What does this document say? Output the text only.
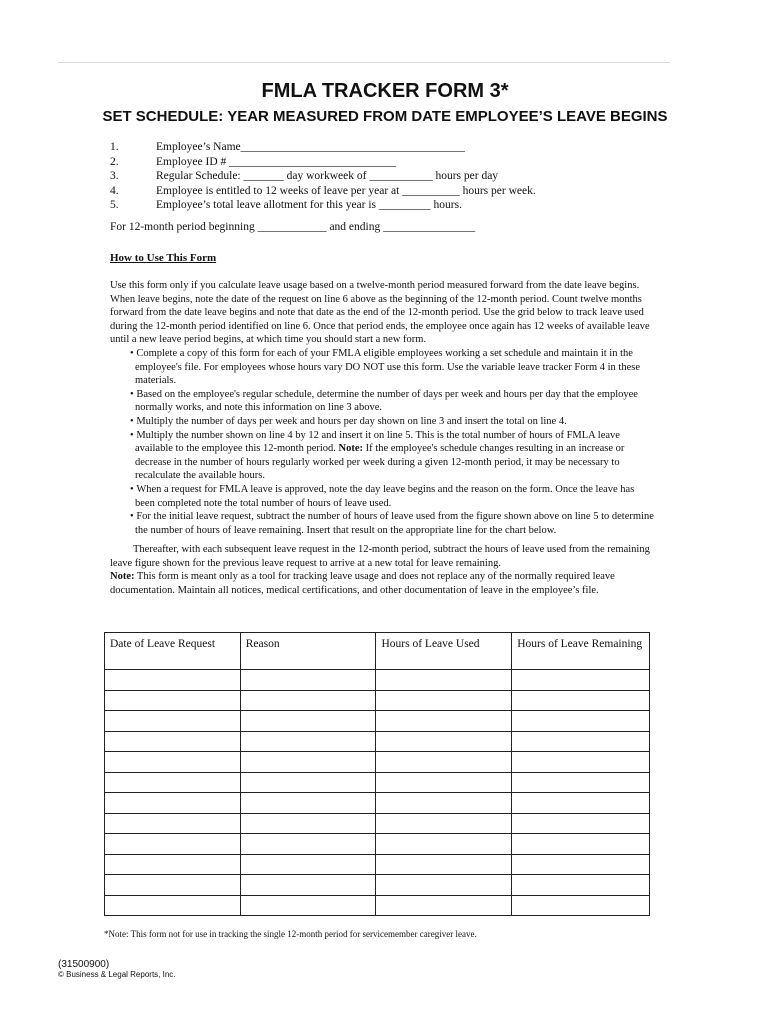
FMLA TRACKER FORM 3*
SET SCHEDULE: YEAR MEASURED FROM DATE EMPLOYEE’S LEAVE BEGINS
1.	Employee’s Name_______________________________________
2.	Employee ID # _____________________________
3.	Regular Schedule: _______ day workweek of ___________ hours per day
4.	Employee is entitled to 12 weeks of leave per year at __________ hours per week.
5.	Employee’s total leave allotment for this year is _________ hours.
For 12-month period beginning ____________ and ending ________________
How to Use This Form

Use this form only if you calculate leave usage based on a twelve-month period measured forward from the date leave begins. When leave begins, note the date of the request on line 6 above as the beginning of the 12-month period. Count twelve months forward from the date leave begins and note that date as the end of the 12-month period. Use the grid below to track leave used during the 12-month period identified on line 6. Once that period ends, the employee once again has 12 weeks of available leave until a new leave period begins, at which time you should start a new form.

• Complete a copy of this form for each of your FMLA eligible employees working a set schedule and maintain it in the employee's file. For employees whose hours vary DO NOT use this form. Use the variable leave tracker Form 4 in these materials.
• Based on the employee's regular schedule, determine the number of days per week and hours per day that the employee normally works, and note this information on line 3 above.
• Multiply the number of days per week and hours per day shown on line 3 and insert the total on line 4.
• Multiply the number shown on line 4 by 12 and insert it on line 5. This is the total number of hours of FMLA leave available to the employee this 12-month period. Note: If the employee's schedule changes resulting in an increase or decrease in the number of hours regularly worked per week during a given 12-month period, it may be necessary to recalculate the available hours.
• When a request for FMLA leave is approved, note the day leave begins and the reason on the form. Once the leave has been completed note the total number of hours of leave used.
• For the initial leave request, subtract the number of hours of leave used from the figure shown above on line 5 to determine the number of hours of leave remaining. Insert that result on the appropriate line for the chart below.

Thereafter, with each subsequent leave request in the 12-month period, subtract the hours of leave used from the remaining leave figure shown for the previous leave request to arrive at a new total for leave remaining.

Note: This form is meant only as a tool for tracking leave usage and does not replace any of the normally required leave documentation. Maintain all notices, medical certifications, and other documentation of leave in the employee’s file.

Date of Leave Request	Reason	Hours of Leave Used	Hours of Leave Remaining

*Note: This form not for use in tracking the single 12-month period for servicemember caregiver leave.
(31500900)
© Business & Legal Reports, Inc.
